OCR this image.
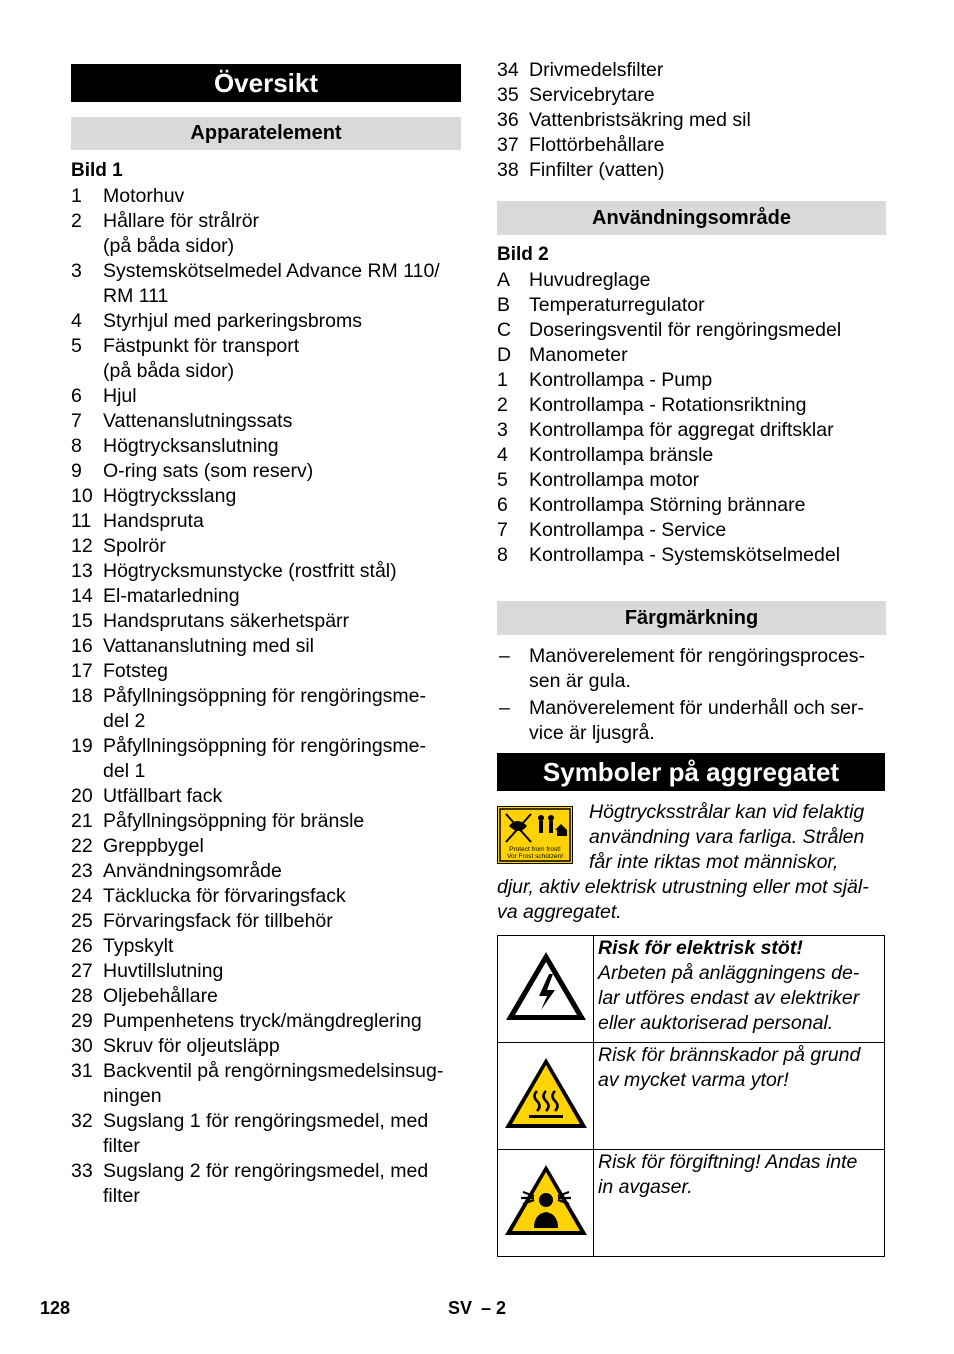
Översikt
Apparatelement
Bild 1
1 Motorhuv
2 Hållare för strålrör
(på båda sidor)
3 Systemskötselmedel Advance RM 110/
RM 111
4 Styrhjul med parkeringsbroms
5 Fästpunkt för transport
(på båda sidor)
6 Hjul
7 Vattenanslutningssats
8 Högtrycksanslutning
9 O-ring sats (som reserv)
10 Högtrycksslang
11 Handspruta
12 Spolrör
13 Högtrycksmunstycke (rostfritt stål)
14 El-matarledning
15 Handsprutans säkerhetspärr
16 Vattananslutning med sil
17 Fotsteg
18 Påfyllningsöppning för rengöringsme-
del 2
19 Påfyllningsöppning för rengöringsme-
del 1
20 Utfällbart fack
21 Påfyllningsöppning för bränsle
22 Greppbygel
23 Användningsområde
24 Täcklucka för förvaringsfack
25 Förvaringsfack för tillbehör
26 Typskylt
27 Huvtillslutning
28 Oljebehållare
29 Pumpenhetens tryck/mängdreglering
30 Skruv för oljeutsläpp
31 Backventil på rengörningsmedelsinsug-
ningen
32 Sugslang 1 för rengöringsmedel, med
filter
33 Sugslang 2 för rengöringsmedel, med
filter
34 Drivmedelsfilter
35 Servicebrytare
36 Vattenbristsäkring med sil
37 Flottörbehållare
38 Finfilter (vatten)
Användningsområde
Bild 2
A Huvudreglage
B Temperaturregulator
C Doseringsventil för rengöringsmedel
D Manometer
1 Kontrollampa - Pump
2 Kontrollampa - Rotationsriktning
3 Kontrollampa för aggregat driftsklar
4 Kontrollampa bränsle
5 Kontrollampa motor
6 Kontrollampa Störning brännare
7 Kontrollampa - Service
8 Kontrollampa - Systemskötselmedel
Färgmärkning
– Manöverelement för rengöringsproces-
sen är gula.
– Manöverelement för underhåll och ser-
vice är ljusgrå.
Symboler på aggregatet
Protect from frost!
Vor Frost schützen!
Högtrycksstrålar kan vid felaktig
användning vara farliga. Strålen
får inte riktas mot människor,
djur, aktiv elektrisk utrustning eller mot själ-
va aggregatet.

Risk för elektrisk stöt!
Arbeten på anläggningens de-
lar utföres endast av elektriker
eller auktoriserad personal.
	Risk för brännskador på grund
av mycket varma ytor!
	Risk för förgiftning! Andas inte
in avgaser.
128	SV – 2
